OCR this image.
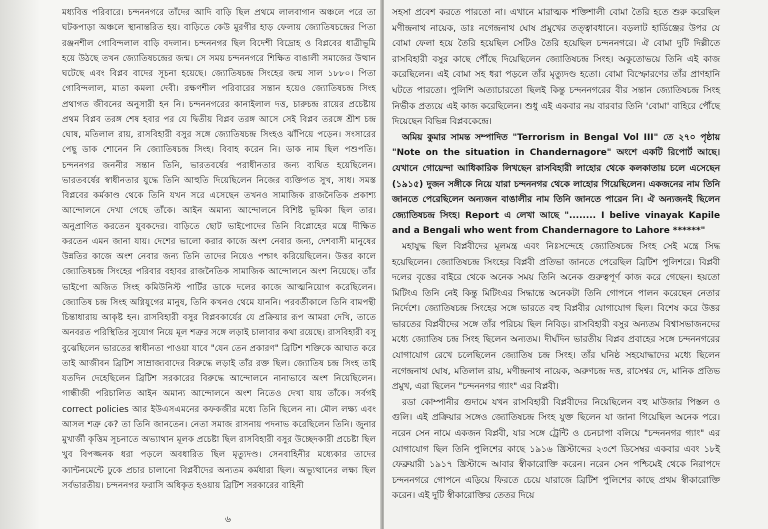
মধ্যবিত্ত পরিবারে। চন্দননগরে তাঁদের আদি বাড়ি ছিল প্রথমে লালবাগান অঞ্চলে পরে তা ঘটকপাড়া অঞ্চলে স্থানান্তরিত হয়। বাড়িতে কেউ মুরগীর হাড় ফেলায় জ্যোতিষচন্দ্রের পিতা রঞ্জনশীল গোবিন্দলাল বাড়ি বদলান। চন্দননগর ছিল বিদেশী বিদ্রোহ ও বিপ্লবের ধাত্রীভূমি হয়ে উঠছে তখন জ্যোতিষচন্দ্রের জন্ম। সে সময় চন্দননগরে শিক্ষিত বাঙালী সমাজের উত্থান ঘটেছে এবং বিপ্লব বাদের সূচনা হয়েছে। জ্যোতিষচন্দ্র সিংহের জন্ম সাল ১৮৮০। পিতা গোবিন্দলাল, মাতা কমলা দেবী। রক্ষণশীল পরিবারের সন্তান হয়েও জ্যোতিষচন্দ্র সিংহ প্রথাগত জীবনের অনুসারী হন নি। চন্দননগরের কানাইলাল দত্ত, চারুচন্দ্র রায়ের প্রচেষ্টায় প্রথম বিপ্লব তরঙ্গ শেষ হবার পর যে দ্বিতীয় বিপ্লব তরঙ্গ আসে সেই বিপ্লব তরঙ্গে শ্রীশ চন্দ্র ঘোষ, মতিলাল রায়, রাসবিহারী বসুর সঙ্গে জ্যোতিষচন্দ্র সিংহও ঝাঁপিয়ে পড়েন। সংসারের পেছু ডাক শোনেন নি জ্যোতিষচন্দ্র সিংহ। বিবাহ করেন নি। ডাক নাম ছিল পশুপতি। চন্দননগর জননীর সন্তান তিনি, ভারতবর্ষের পরাধীনতার জন্য ব্যথিত হয়েছিলেন। ভারতবর্ষের স্বাধীনতার যুদ্ধে তিনি আহুতি দিয়েছিলেন নিজের ব্যক্তিগত সুখ, সাধ। সমস্ত বিপ্লবের কর্মকাণ্ড থেকে তিনি যখন সরে এসেছেন তখনও সামাজিক রাজনৈতিক প্রকাশ্য আন্দোলনে দেখা গেছে তাঁকে। আইন অমান্য আন্দোলনে বিশিষ্ট ভূমিকা ছিল তার। অনুপ্রাণিত করতেন যুবকদের। বাড়িতে ছোট ভাইপোদের তিনি বিপ্লোহের মন্ত্রে দীক্ষিত করতেন এমন জানা যায়। দেশের ভালো করার কাজে অংশ নেবার জন্য, দেশবাসী মানুষের উন্নতির কাজে অংশ নেবার জন্য তিনি তাদের নিয়েও পশ্চাৎ করিয়েছিলেন। উত্তর কালে জ্যোতিষচন্দ্র সিংহের পরিবার বহাবর রাজনৈতিক সামাজিক আন্দোলনে অংশ নিয়েছে। তাঁর ভাইপো অজিত সিংহ কমিউনিস্ট পার্টির ডাকে দলের কাজে আত্মনিয়োগ করেছিলেন। জ্যোতিষ চন্দ্র সিংহ অগ্নিযুগের মানুষ, তিনি কখনও থেমে যাননি। পরবর্তীকালে তিনি বামপন্থী চিন্তাধারায় আকৃষ্ট হন। রাসবিহারী বসুর বিপ্লবকার্যের যে প্রক্রিয়ার রূপ আমরা দেখি, তাতে অনবরত পরিস্থিতির সুযোগ নিয়ে মূল শত্রুর সঙ্গে লড়াই চালাবার কথা রয়েছে। রাসবিহারী বসু বুঝেছিলেন ভারতের স্বাধীনতা পাওয়া যাবে "যেন তেন প্রকারণ" ব্রিটিশ শক্তিকে আঘাত করে তাই আজীবন ব্রিটিশ সাম্রাজ্যবাদের বিরুদ্ধে লড়াই তাঁর রক্ত ছিল। জ্যোতিষ চন্দ্র সিংহ তাই যতদিন দেহেছিলেন ব্রিটিশ সরকারের বিরুদ্ধে আন্দোলনে নানাভাবে অংশ নিয়েছিলেন। গান্ধীজী পরিচালিত আইন অমান্য আন্দোলনে অংশ নিতেও দেখা যায় তাঁকে। সর্বগই correct policies আর ইউএসএমনের কফকজীর মধ্যে তিনি ছিলেন না। মৌল লক্ষ্য এবং আসল শত্রু কে? তা তিনি জানতেন। নেতা সমাজ রাসনায় পদনাভ করেছিলেন তিনি। জুনার মুখার্জী কৃত্তিম সূচনাতে অভ্যাথান মূলক প্রচেষ্টা ছিল রাসবিহারী বসুর উচ্ছেদকারী প্রচেষ্টা ছিল খুব বিপজ্জনক ধরা পড়লে অবধারিত ছিল মৃত্যুদণ্ড। সেনবাহিনীর মধ্যেকার তাদের ক্যান্টনমেন্টে ঢুকে প্রচার চালানো বিপ্লবীদের অন্যতম কর্মধারা ছিল। অভ্যুত্থানের লক্ষ্য ছিল সর্বভারতীয়। চন্দননগর ফরাসি অধিকৃত হওয়ায় ব্রিটিশ সরকারের বাহিনী

৬

সহসা প্রবেশ করতে পারতো না। এখানে মারাত্মক শক্তিশালী বোমা তৈরি হতে শুরু করেছিল মণীন্দ্রনাথ নায়েক, ডাঃ নগেন্দ্রনাথ ঘোষ প্রমুখের তত্ত্বাবধানে। বড়লাট হার্ডিঞ্জের উপর যে বোমা ফেলা হয়ে তৈরি হয়েছিল সেটিও তৈরি হয়েছিল চন্দননগরে। ঐ বোমা দুটি দিল্লীতে রাসবিহারী বসুর কাছে পৌঁছে দিয়েছিলেন জ্যোতিষচন্দ্র সিংহ। অকুতোভয়ে তিনি এই কাজ করেছিলেন। এই বোমা সহ ধরা পড়লে তাঁর মৃত্যুদণ্ড হতো। বোমা বিস্ফোরণের তাঁর প্রাণহানি ঘটতে পারতো। পুলিশি অত্যাচারতো ছিলই কিন্তু চন্দননগরের বীর সন্তান জ্যোতিষচন্দ্র সিংহ নির্ভীক প্রত্যয়ে এই কাজ করেছিলেন। শুধু এই একবার নয় বারবার তিনি 'বোমা' বাহিরে পৌঁছে দিয়েছেন বিভিন্ন বিপ্লবকেন্দ্রে।

অমিয় কুমার সামন্ত সম্পাদিত "Terrorism in Bengal Vol III" তে ২৭০ পৃষ্ঠায় "Note on the situation in Chandernagore" অংশে একটি রিপোর্ট আছে। যেখানে গোয়েন্দা আধিকারিক লিখছেন রাসবিহারী লাহোর থেকে কলকাতায় চলে এসেছেন (১৯১৫) দুজন সঙ্গীকে নিয়ে যারা চন্দননগর থেকে লাহোর গিয়েছিলেন। একজনের নাম তিনি জানতে পেরেছিলেন অন্যজন বাঙালীর নাম তিনি জানতে পারেন নি। ঐ অন্যজনই ছিলেন জ্যোতিষচন্দ্র সিংহ। Report এ লেখা আছে "........ I belive vinayak Kapile and a Bengali who went from Chandernagore to Lahore ******"

মহাযুদ্ধ ছিল বিপ্লবীদের মূলমন্ত্র এবং নিঃসন্দেহে জ্যোতিষচন্দ্র সিংহ সেই মন্ত্রে সিদ্ধ হয়েছিলেন। জ্যোতিষচন্দ্র সিংহের বিপ্লবী প্রতিভা জানতে পেরেছিল ব্রিটিশ পুলিশরে। বিপ্লবী দলের বৃত্তের বাইরে থেকে অনেক সময় তিনি অনেক গুরুত্বপূর্ণ কাজ করে গেছেন। হয়তো মিটিংএ তিনি নেই কিন্তু মিটিংএর সিদ্ধান্তে অনেকটা তিনি গোপনে পালন করেছেন নেতার নির্দেশে। জ্যোতিষচন্দ্র সিংহের সঙ্গে ভারতে বহু বিপ্লবীর যোগাযোগ ছিল। বিশেষ করে উত্তর ভারতের বিপ্লবীদের সঙ্গে তাঁর পরিচয় ছিল নিবিড়। রাসবিহারী বসুর অন্যতম বিশ্বাসভাজনদের মধ্যে জ্যোতিষ চন্দ্র সিংহ ছিলেন অন্যতম। দীর্ঘদিন ভারতীয় বিপ্লব প্রবাহের সঙ্গে চন্দননগরের যোগাযোগ রেখে চলেছিলেন জ্যোতিষ চন্দ্র সিংহ। তাঁর ঘনিষ্ঠ সহযোদ্ধাদের মধ্যে ছিলেন নগেন্দ্রনাথ ঘোষ, মতিলাল রায়, মণীন্দ্রনাথ নায়েক, অরুণচন্দ্র দত্ত, রাসেশ্বর দে, মানিক প্রতিভ প্রমুখ, এরা ছিলেন "চন্দননগর গ্যাং" এর বিপ্লবী।

রডা কোম্পানীর গুদামে যখন রাসবিহারী বিপ্লবীদের নিয়েছিলেন বহু মাউজার পিস্তল ও গুলি। এই প্রক্রিয়ার সঙ্গেও জ্যোতিষচন্দ্র সিংহ যুক্ত ছিলেন যা জানা গিয়েছিল অনেক পরে। নরেন সেন নামে একজন বিপ্লবী, যার সঙ্গে ট্রেন্টি ও চেনচাপা বলিয়ে "চন্দননগর গ্যাং" এর যোগাযোগ ছিল তিনি পুলিশের কাছে ১৯১৬ খ্রিস্টাব্দের ২৩শে ডিসেম্বর একবার এবং ১৮ই ফেব্রুয়ারী ১৯১৭ খ্রিস্টাব্দে আবার স্বীকারোক্তি করেন। নরেন সেন পশ্চিমেই থেকে নিরাপদে চন্দননগরে গোপনে এড়িয়ে ফিরতে চেয়ে যারাজে ব্রিটিশ পুলিশের কাছে প্রথম স্বীকারোক্তি করেন। এই দুটি স্বীকারোক্তির তেতর দিয়ে
